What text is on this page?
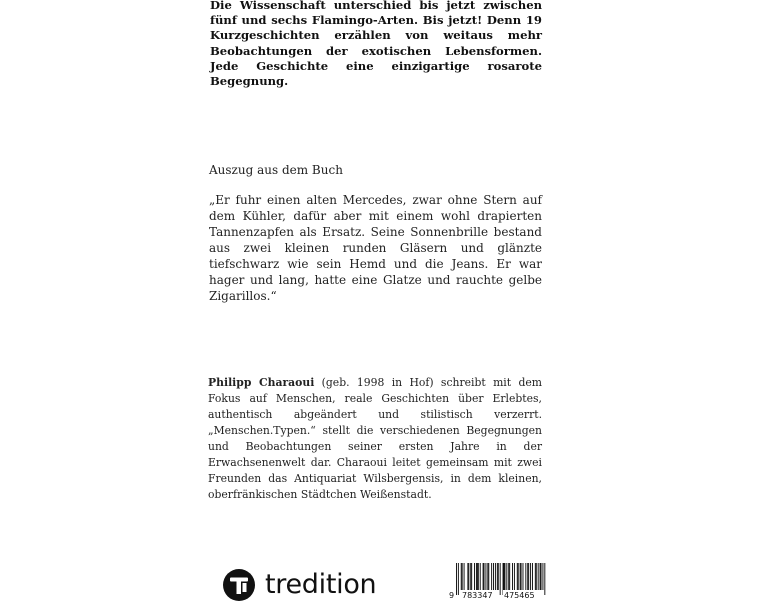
Die Wissenschaft unterschied bis jetzt zwischen fünf und sechs Flamingo-Arten. Bis jetzt! Denn 19 Kurzgeschichten erzählen von weitaus mehr Beobachtungen der exotischen Lebensformen. Jede Geschichte eine einzigartige rosarote Begegnung.
Auszug aus dem Buch
„Er fuhr einen alten Mercedes, zwar ohne Stern auf dem Kühler, dafür aber mit einem wohl drapierten Tannenzapfen als Ersatz. Seine Sonnenbrille bestand aus zwei kleinen runden Gläsern und glänzte tiefschwarz wie sein Hemd und die Jeans. Er war hager und lang, hatte eine Glatze und rauchte gelbe Zigarillos.“
Philipp Charaoui (geb. 1998 in Hof) schreibt mit dem Fokus auf Menschen, reale Geschichten über Erlebtes, authentisch abgeändert und stilistisch verzerrt. „Menschen.Typen.“ stellt die verschiedenen Begegnungen und Beobachtungen seiner ersten Jahre in der Erwachsenenwelt dar. Charaoui leitet gemeinsam mit zwei Freunden das Antiquariat Wilsbergensis, in dem kleinen, oberfränkischen Städtchen Weißenstadt.
tredition	9 783347 475465
